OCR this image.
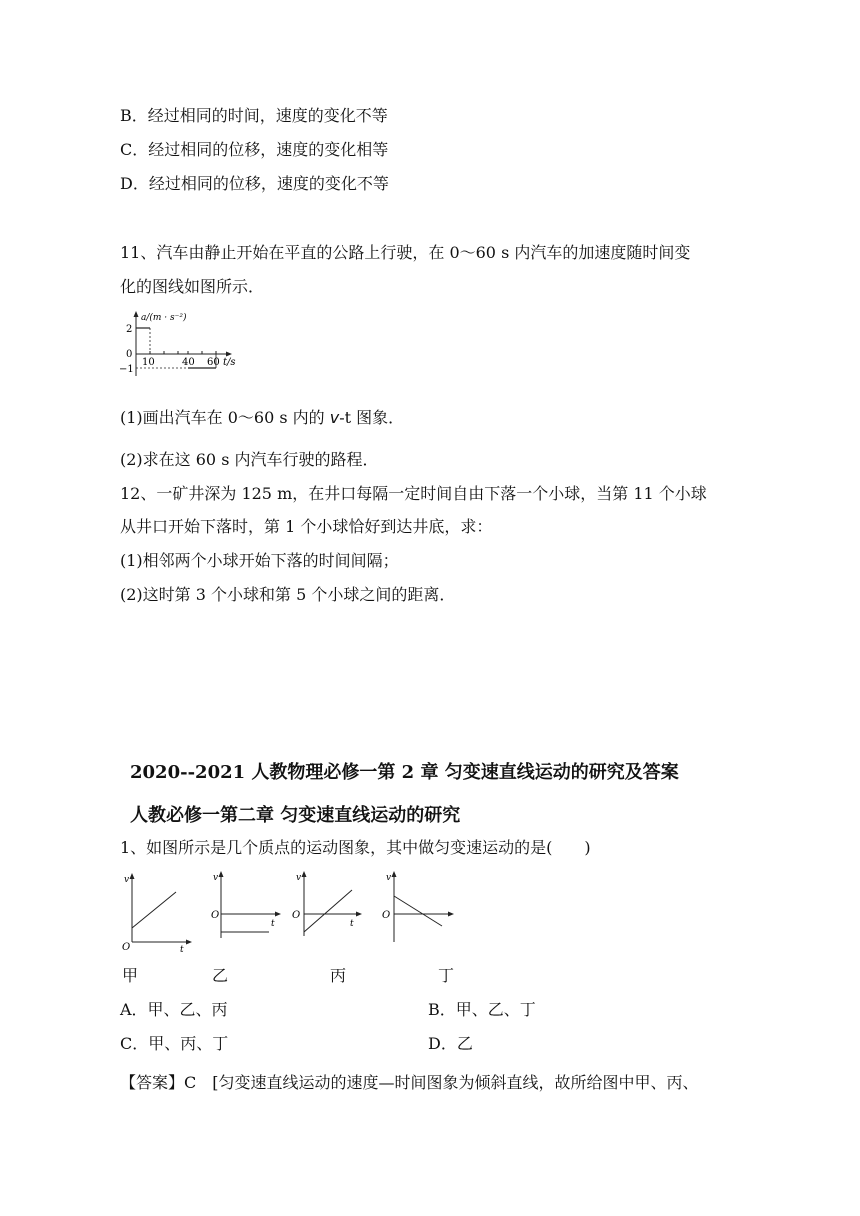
B．经过相同的时间，速度的变化不等
C．经过相同的位移，速度的变化相等
D．经过相同的位移，速度的变化不等
11、汽车由静止开始在平直的公路上行驶，在 0～60 s 内汽车的加速度随时间变
化的图线如图所示．
a/(m · s⁻²)
2
0
−1
10	40 60 t/s
(1)画出汽车在 0～60 s 内的 v-t 图象．
(2)求在这 60 s 内汽车行驶的路程．
12、一矿井深为 125 m，在井口每隔一定时间自由下落一个小球，当第 11 个小球
从井口开始下落时，第 1 个小球恰好到达井底，求：
(1)相邻两个小球开始下落的时间间隔；
(2)这时第 3 个小球和第 5 个小球之间的距离．
2020--2021 人教物理必修一第 2 章 匀变速直线运动的研究及答案
人教必修一第二章 匀变速直线运动的研究
1、如图所示是几个质点的运动图象，其中做匀变速运动的是(　　)
v
O	t
v
O
t
v
O
t
v
O
甲	乙	丙	丁
A．甲、乙、丙	B．甲、乙、丁
C．甲、丙、丁	D．乙
【答案】C　[匀变速直线运动的速度—时间图象为倾斜直线，故所给图中甲、丙、
